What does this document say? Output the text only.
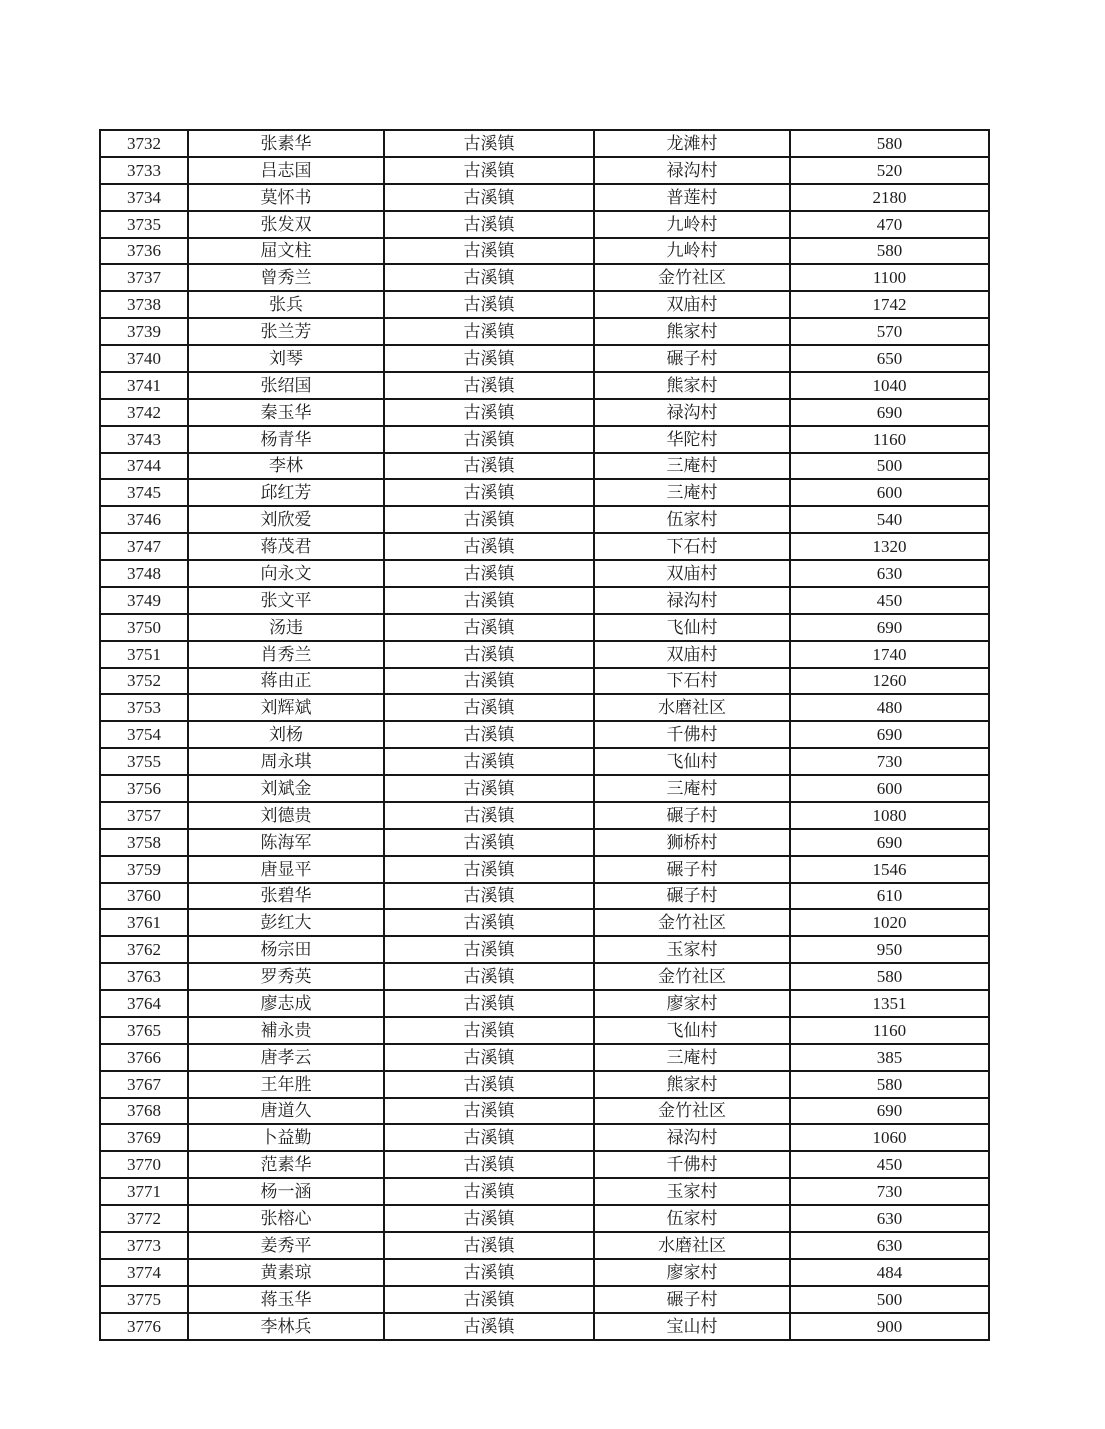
3732	张素华	古溪镇	龙滩村	580
3733	吕志国	古溪镇	禄沟村	520
3734	莫怀书	古溪镇	普莲村	2180
3735	张发双	古溪镇	九岭村	470
3736	屈文柱	古溪镇	九岭村	580
3737	曾秀兰	古溪镇	金竹社区	1100
3738	张兵	古溪镇	双庙村	1742
3739	张兰芳	古溪镇	熊家村	570
3740	刘琴	古溪镇	碾子村	650
3741	张绍国	古溪镇	熊家村	1040
3742	秦玉华	古溪镇	禄沟村	690
3743	杨青华	古溪镇	华陀村	1160
3744	李林	古溪镇	三庵村	500
3745	邱红芳	古溪镇	三庵村	600
3746	刘欣爱	古溪镇	伍家村	540
3747	蒋茂君	古溪镇	下石村	1320
3748	向永文	古溪镇	双庙村	630
3749	张文平	古溪镇	禄沟村	450
3750	汤违	古溪镇	飞仙村	690
3751	肖秀兰	古溪镇	双庙村	1740
3752	蒋由正	古溪镇	下石村	1260
3753	刘辉斌	古溪镇	水磨社区	480
3754	刘杨	古溪镇	千佛村	690
3755	周永琪	古溪镇	飞仙村	730
3756	刘斌金	古溪镇	三庵村	600
3757	刘德贵	古溪镇	碾子村	1080
3758	陈海军	古溪镇	狮桥村	690
3759	唐显平	古溪镇	碾子村	1546
3760	张碧华	古溪镇	碾子村	610
3761	彭红大	古溪镇	金竹社区	1020
3762	杨宗田	古溪镇	玉家村	950
3763	罗秀英	古溪镇	金竹社区	580
3764	廖志成	古溪镇	廖家村	1351
3765	補永贵	古溪镇	飞仙村	1160
3766	唐孝云	古溪镇	三庵村	385
3767	王年胜	古溪镇	熊家村	580
3768	唐道久	古溪镇	金竹社区	690
3769	卜益勤	古溪镇	禄沟村	1060
3770	范素华	古溪镇	千佛村	450
3771	杨一涵	古溪镇	玉家村	730
3772	张榕心	古溪镇	伍家村	630
3773	姜秀平	古溪镇	水磨社区	630
3774	黄素琼	古溪镇	廖家村	484
3775	蒋玉华	古溪镇	碾子村	500
3776	李林兵	古溪镇	宝山村	900
